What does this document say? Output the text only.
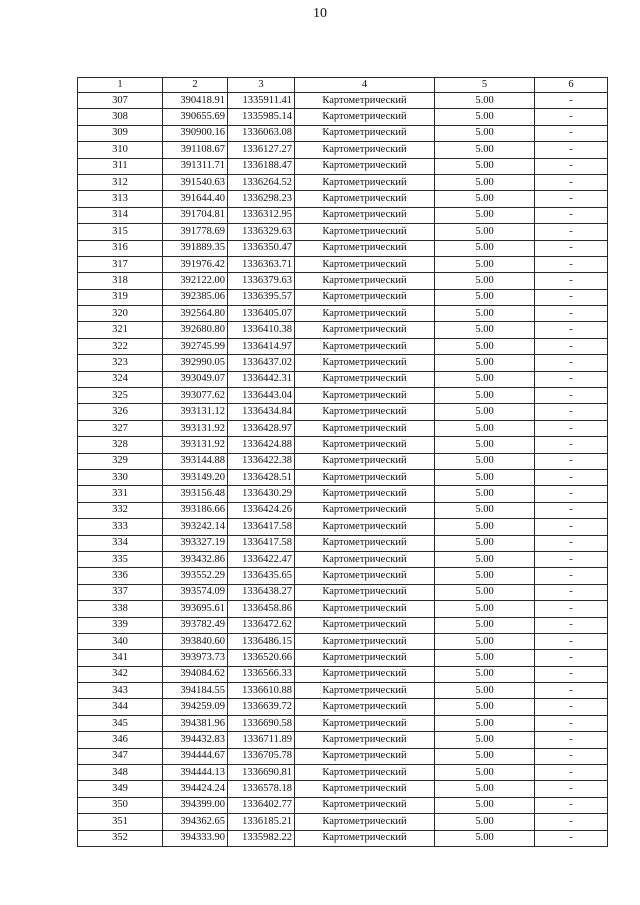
10
1	2	3	4	5	6
307	390418.91	1335911.41	Картометрический	5.00	-
308	390655.69	1335985.14	Картометрический	5.00	-
309	390900.16	1336063.08	Картометрический	5.00	-
310	391108.67	1336127.27	Картометрический	5.00	-
311	391311.71	1336188.47	Картометрический	5.00	-
312	391540.63	1336264.52	Картометрический	5.00	-
313	391644.40	1336298.23	Картометрический	5.00	-
314	391704.81	1336312.95	Картометрический	5.00	-
315	391778.69	1336329.63	Картометрический	5.00	-
316	391889.35	1336350.47	Картометрический	5.00	-
317	391976.42	1336363.71	Картометрический	5.00	-
318	392122.00	1336379.63	Картометрический	5.00	-
319	392385.06	1336395.57	Картометрический	5.00	-
320	392564.80	1336405.07	Картометрический	5.00	-
321	392680.80	1336410.38	Картометрический	5.00	-
322	392745.99	1336414.97	Картометрический	5.00	-
323	392990.05	1336437.02	Картометрический	5.00	-
324	393049.07	1336442.31	Картометрический	5.00	-
325	393077.62	1336443.04	Картометрический	5.00	-
326	393131.12	1336434.84	Картометрический	5.00	-
327	393131.92	1336428.97	Картометрический	5.00	-
328	393131.92	1336424.88	Картометрический	5.00	-
329	393144.88	1336422.38	Картометрический	5.00	-
330	393149.20	1336428.51	Картометрический	5.00	-
331	393156.48	1336430.29	Картометрический	5.00	-
332	393186.66	1336424.26	Картометрический	5.00	-
333	393242.14	1336417.58	Картометрический	5.00	-
334	393327.19	1336417.58	Картометрический	5.00	-
335	393432.86	1336422.47	Картометрический	5.00	-
336	393552.29	1336435.65	Картометрический	5.00	-
337	393574.09	1336438.27	Картометрический	5.00	-
338	393695.61	1336458.86	Картометрический	5.00	-
339	393782.49	1336472.62	Картометрический	5.00	-
340	393840.60	1336486.15	Картометрический	5.00	-
341	393973.73	1336520.66	Картометрический	5.00	-
342	394084.62	1336566.33	Картометрический	5.00	-
343	394184.55	1336610.88	Картометрический	5.00	-
344	394259.09	1336639.72	Картометрический	5.00	-
345	394381.96	1336690.58	Картометрический	5.00	-
346	394432.83	1336711.89	Картометрический	5.00	-
347	394444.67	1336705.78	Картометрический	5.00	-
348	394444.13	1336690.81	Картометрический	5.00	-
349	394424.24	1336578.18	Картометрический	5.00	-
350	394399.00	1336402.77	Картометрический	5.00	-
351	394362.65	1336185.21	Картометрический	5.00	-
352	394333.90	1335982.22	Картометрический	5.00	-
